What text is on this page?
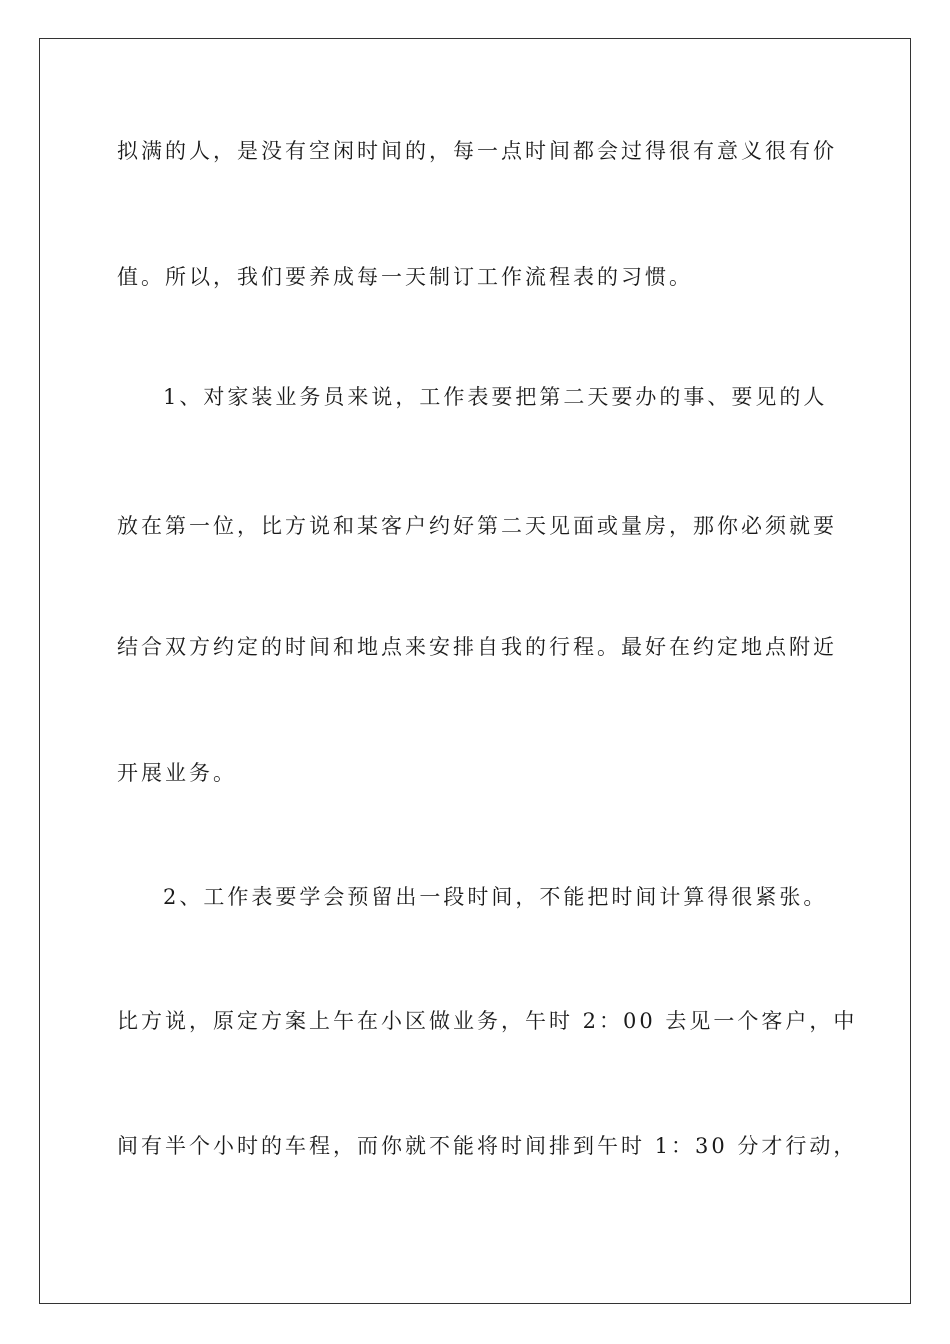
拟满的人，是没有空闲时间的，每一点时间都会过得很有意义很有价
值。所以，我们要养成每一天制订工作流程表的习惯。
1、对家装业务员来说，工作表要把第二天要办的事、要见的人
放在第一位，比方说和某客户约好第二天见面或量房，那你必须就要
结合双方约定的时间和地点来安排自我的行程。最好在约定地点附近
开展业务。
2、工作表要学会预留出一段时间，不能把时间计算得很紧张。
比方说，原定方案上午在小区做业务，午时 2：00 去见一个客户，中
间有半个小时的车程，而你就不能将时间排到午时 1：30 分才行动，
